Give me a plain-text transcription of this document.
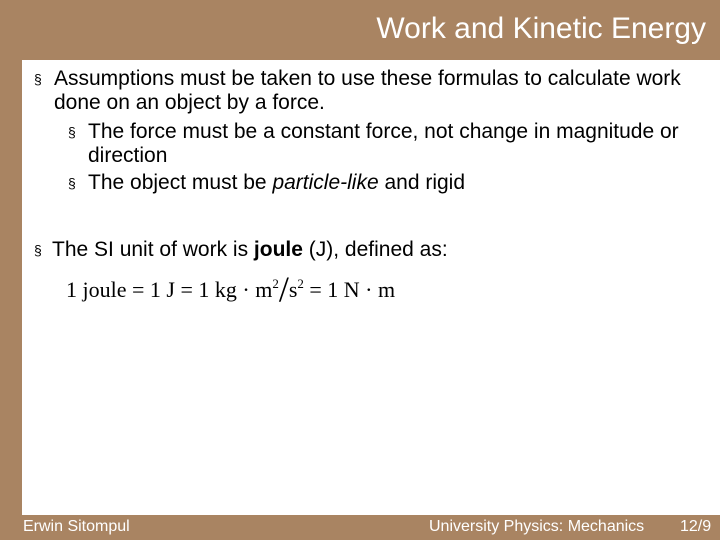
Work and Kinetic Energy
§ Assumptions must be taken to use these formulas to calculate work done on an object by a force.
§ The force must be a constant force, not change in magnitude or direction
§ The object must be particle-like and rigid
§ The SI unit of work is joule (J), defined as:
1 joule = 1 J = 1 kg · $m^2/s^2 = 1$ N · m
Erwin Sitompul	University Physics: Mechanics 12/9
